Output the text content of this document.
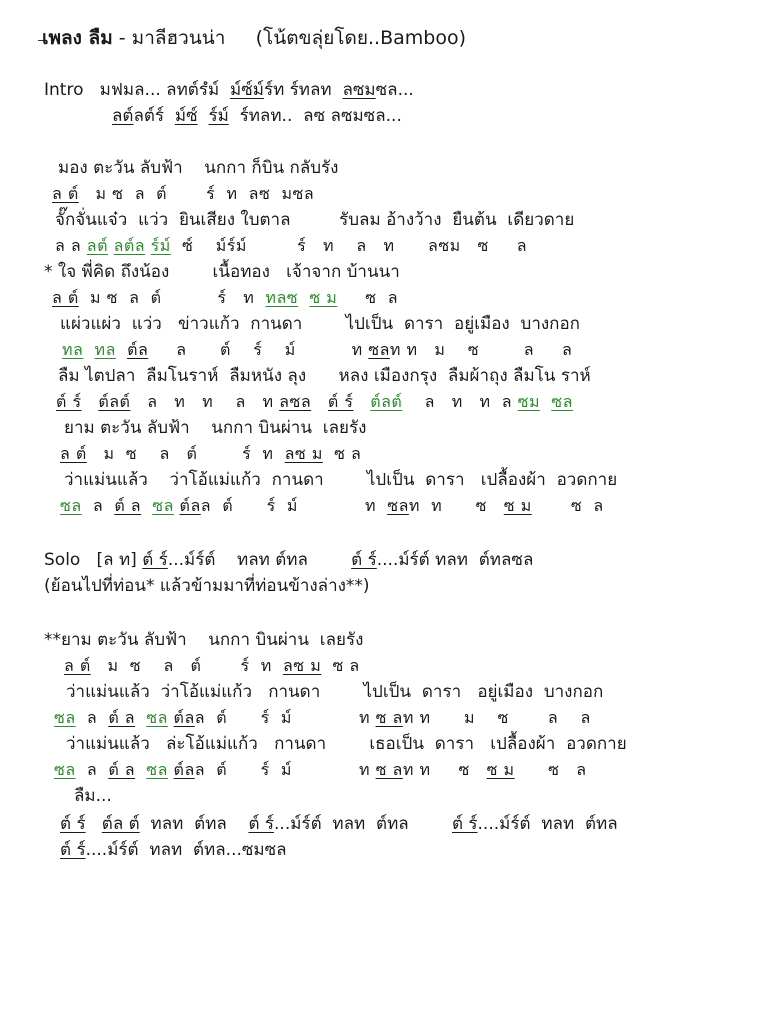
เพลง ลืม - มาลีฮวนน่า     (โน้ตขลุ่ยโดย..Bamboo)
Intro   มฟมล... ลทต์รํม์  ม์ซ์ม์ร์ท ร์ทลท  ลซมซล...
ลต์ลต์ร์  ม์ซ์ ร์ม์  ร์ทลท..  ลซ ลซมซล...
มอง ตะวัน ลับฟ้า    นกกา ก็บิน กลับรัง
ล ต์   ม ซ  ล  ต์       ร์  ท  ลซ  มซล
จั๊กจั่นแจ๋ว  แว่ว  ยินเสียง ใบตาล         รับลม อ้างว้าง  ยืนต้น  เดียวดาย
ล ล ลต์ ลต์ล ร์ม์  ซ์    ม์ร์ม์         ร์   ท    ล   ท      ลซม   ซ     ล
* ใจ พี่คิด ถึงน้อง        เนื้อทอง   เจ้าจาก บ้านนา
ล ต์  ม ซ  ล  ต์          ร์   ท  ทลซ ซ ม     ซ  ล
แผ่วแผ่ว  แว่ว   ข่าวแก้ว  กานดา        ไปเป็น  ดารา  อยู่เมือง  บางกอก
ทล ทล ต์ล     ล      ต์    ร์    ม์          ท ซลท ท   ม    ซ        ล     ล
ลืม ไตปลา  ลืมโนราห์  ลืมหนัง ลุง      หลง เมืองกรุง  ลืมผ้าถุง ลืมโน ราห์
ต์ ร์ ต์ลต์   ล   ท   ท    ล   ท ลซล ต์ ร์ ต์ลต์    ล   ท   ท  ล ซม ซล
ยาม ตะวัน ลับฟ้า    นกกา บินผ่าน  เลยรัง
ล ต์   ม  ซ    ล   ต์        ร์  ท  ลซ ม  ซ ล
ว่าแม่นแล้ว    ว่าโอ้แม่แก้ว  กานดา        ไปเป็น  ดารา   เปลื้องผ้า  อวดกาย
ซล  ล  ต์ ล ซล ต์ลล  ต์      ร์  ม์            ท  ซลท  ท      ซ   ซ ม       ซ  ล
Solo   [ล ท] ต์ ร์...ม์ร์ต์    ทลท ต์ทล        ต์ ร์....ม์ร์ต์ ทลท  ต์ทลซล
(ย้อนไปที่ท่อน* แล้วข้ามมาที่ท่อนข้างล่าง**)
**ยาม ตะวัน ลับฟ้า    นกกา บินผ่าน  เลยรัง
ล ต์   ม  ซ    ล   ต์       ร์  ท  ลซ ม  ซ ล
ว่าแม่นแล้ว  ว่าโอ้แม่แก้ว   กานดา        ไปเป็น  ดารา   อยู่เมือง  บางกอก
ซล  ล  ต์ ล ซล ต์ลล  ต์      ร์  ม์            ท ซ ลท ท      ม    ซ       ล    ล
ว่าแม่นแล้ว   ล่ะโอ้แม่แก้ว   กานดา        เธอเป็น  ดารา   เปลื้องผ้า  อวดกาย
ซล  ล  ต์ ล ซล ต์ลล  ต์      ร์  ม์            ท ซ ลท ท     ซ   ซ ม      ซ   ล
ลืม...
ต์ ร์ ต์ล ต์  ทลท  ต์ทล    ต์ ร์...ม์ร์ต์  ทลท  ต์ทล        ต์ ร์....ม์ร์ต์  ทลท  ต์ทล
ต์ ร์....ม์ร์ต์  ทลท  ต์ทล...ซมซล
